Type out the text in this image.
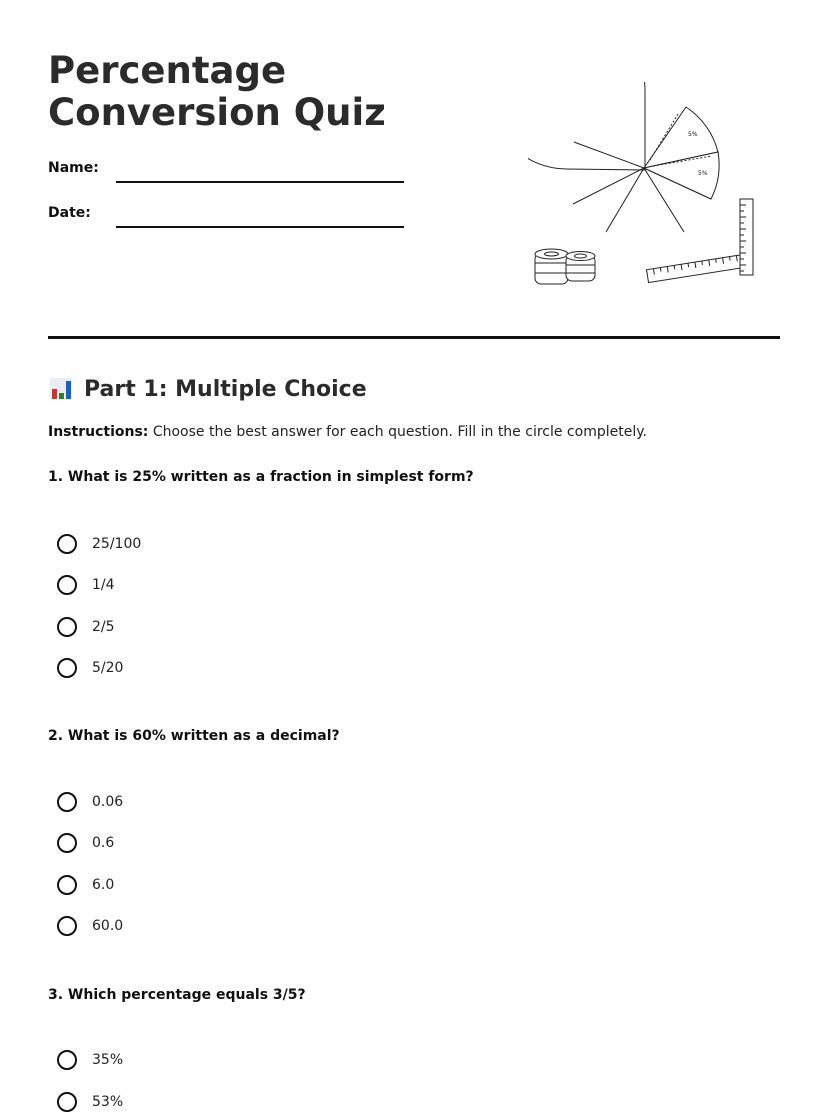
Percentage Conversion Quiz
Name:
Date:
5%
5%
Part 1: Multiple Choice
Instructions: Choose the best answer for each question. Fill in the circle completely.
1. What is 25% written as a fraction in simplest form?
25/100
1/4
2/5
5/20
2. What is 60% written as a decimal?
0.06
0.6
6.0
60.0
3. Which percentage equals 3/5?
35%
53%
